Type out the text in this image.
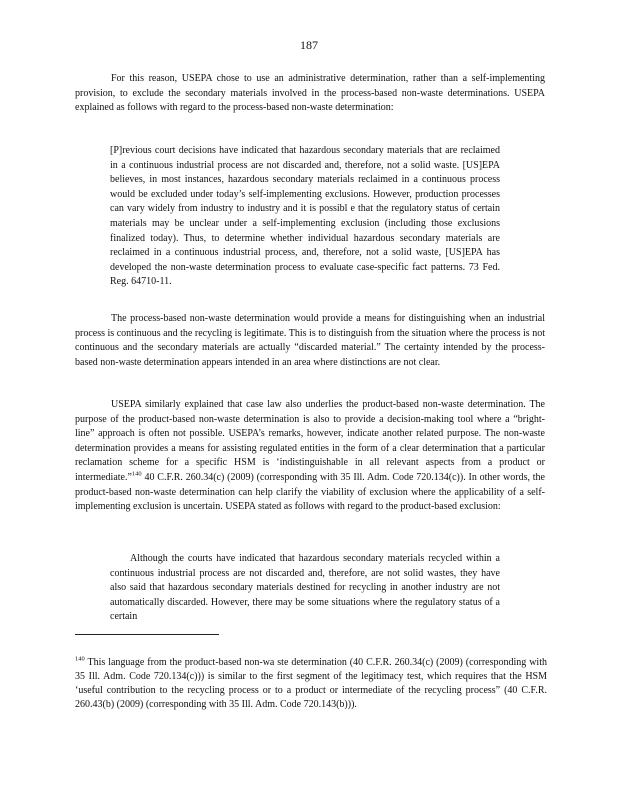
187

For this reason, USEPA chose to use an administrative determination, rather than a self-implementing provision, to exclude the secondary materials involved in the process-based non-waste determinations. USEPA explained as follows with regard to the process-based non-waste determination:

[P]revious court decisions have indicated that hazardous secondary materials that are reclaimed in a continuous industrial process are not discarded and, therefore, not a solid waste. [US]EPA believes, in most instances, hazardous secondary materials reclaimed in a continuous process would be excluded under today’s self-implementing exclusions. However, production processes can vary widely from industry to industry and it is possibl e that the regulatory status of certain materials may be unclear under a self-implementing exclusion (including those exclusions finalized today). Thus, to determine whether individual hazardous secondary materials are reclaimed in a continuous industrial process, and, therefore, not a solid waste, [US]EPA has developed the non-waste determination process to evaluate case-specific fact patterns. 73 Fed. Reg. 64710-11.

The process-based non-waste determination would provide a means for distinguishing when an industrial process is continuous and the recycling is legitimate. This is to distinguish from the situation where the process is not continuous and the secondary materials are actually “discarded material.” The certainty intended by the process-based non-waste determination appears intended in an area where distinctions are not clear.

USEPA similarly explained that case law also underlies the product-based non-waste determination. The purpose of the product-based non-waste determination is also to provide a decision-making tool where a “bright-line” approach is often not possible. USEPA’s remarks, however, indicate another related purpose. The non-waste determination provides a means for assisting regulated entities in the form of a clear determination that a particular reclamation scheme for a specific HSM is ‘indistinguishable in all relevant aspects from a product or intermediate.”$^{140}$ 40 C.F.R. 260.34(c) (2009) (corresponding with 35 Ill. Adm. Code 720.134(c)). In other words, the product-based non-waste determination can help clarify the viability of exclusion where the applicability of a self-implementing exclusion is uncertain. USEPA stated as follows with regard to the product-based exclusion:

Although the courts have indicated that hazardous secondary materials recycled within a continuous industrial process are not discarded and, therefore, are not solid wastes, they have also said that hazardous secondary materials destined for recycling in another industry are not automatically discarded. However, there may be some situations where the regulatory status of a certain

$^{140}$ This language from the product-based non-wa ste determination (40 C.F.R. 260.34(c) (2009) (corresponding with 35 Ill. Adm. Code 720.134(c))) is similar to the first segment of the legitimacy test, which requires that the HSM ‘useful contribution to the recycling process or to a product or intermediate of the recycling process” (40 C.F.R. 260.43(b) (2009) (corresponding with 35 Ill. Adm. Code 720.143(b))).
